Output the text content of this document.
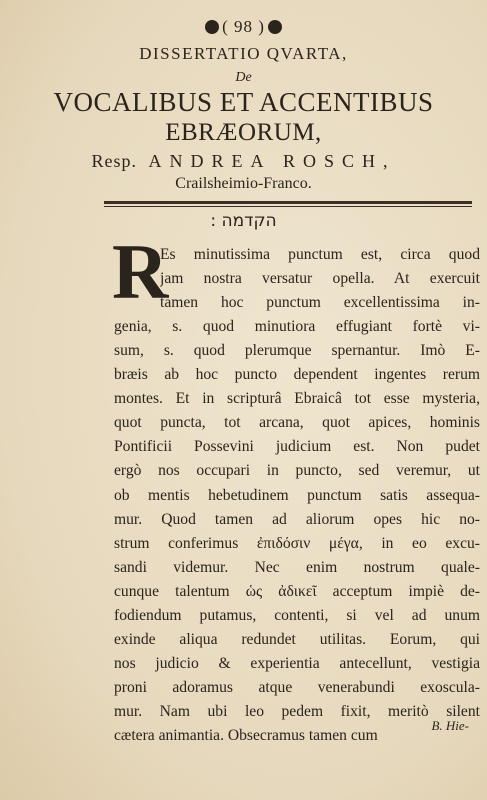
( 98 )
DISSERTATIO QVARTA,
De
VOCALIBUS ET ACCENTIBUS
EBRÆORUM,
Resp. ANDREA ROSCH,
Crailsheimio-Franco.
הקדמה :
R
Es minutissima punctum est, circa quod
jam nostra versatur opella. At exercuit
tamen hoc punctum excellentissima in-
genia, s. quod minutiora effugiant fortè vi-
sum, s. quod plerumque spernantur. Imò E-
bræis ab hoc puncto dependent ingentes rerum
montes. Et in scripturâ Ebraicâ tot esse mysteria,
quot puncta, tot arcana, quot apices, hominis
Pontificii Possevini judicium est. Non pudet
ergò nos occupari in puncto, sed veremur, ut
ob mentis hebetudinem punctum satis assequa-
mur. Quod tamen ad aliorum opes hic no-
strum conferimus ἐπιδόσιν μέγα, in eo excu-
sandi videmur. Nec enim nostrum quale-
cunque talentum ὡς ἀδικεῖ acceptum impiè de-
fodiendum putamus, contenti, si vel ad unum
exinde aliqua redundet utilitas. Eorum, qui
nos judicio & experientia antecellunt, vestigia
proni adoramus atque venerabundi exoscula-
mur. Nam ubi leo pedem fixit, meritò silent
cætera animantia. Obsecramus tamen cum
B. Hie-
